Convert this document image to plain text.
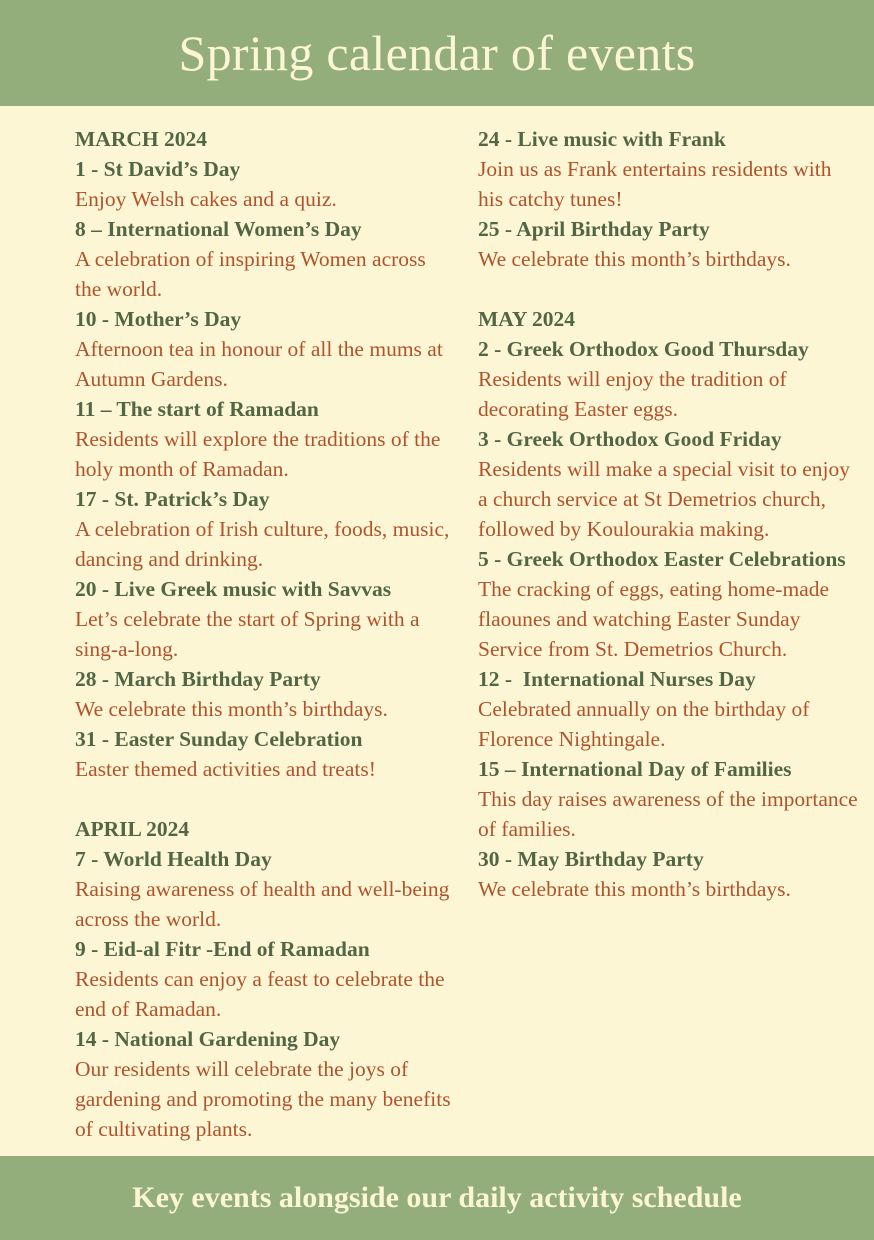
Spring calendar of events
MARCH 2024
1 - St David’s Day
Enjoy Welsh cakes and a quiz.
8 – International Women’s Day
A celebration of inspiring Women across the world.
10 - Mother’s Day
Afternoon tea in honour of all the mums at Autumn Gardens.
11 – The start of Ramadan
Residents will explore the traditions of the holy month of Ramadan.
17 - St. Patrick’s Day
A celebration of Irish culture, foods, music, dancing and drinking.
20 - Live Greek music with Savvas
Let’s celebrate the start of Spring with a sing-a-long.
28 - March Birthday Party
We celebrate this month’s birthdays.
31 - Easter Sunday Celebration
Easter themed activities and treats!
APRIL 2024
7 - World Health Day
Raising awareness of health and well-being across the world.
9 - Eid-al Fitr -End of Ramadan
Residents can enjoy a feast to celebrate the end of Ramadan.
14 - National Gardening Day
Our residents will celebrate the joys of gardening and promoting the many benefits of cultivating plants.
24 - Live music with Frank
Join us as Frank entertains residents with his catchy tunes!
25 - April Birthday Party
We celebrate this month’s birthdays.
MAY 2024
2 - Greek Orthodox Good Thursday
Residents will enjoy the tradition of decorating Easter eggs.
3 - Greek Orthodox Good Friday
Residents will make a special visit to enjoy a church service at St Demetrios church, followed by Koulourakia making.
5 - Greek Orthodox Easter Celebrations
The cracking of eggs, eating home-made flaounes and watching Easter Sunday Service from St. Demetrios Church.
12 -  International Nurses Day
Celebrated annually on the birthday of Florence Nightingale.
15 – International Day of Families
This day raises awareness of the importance of families.
30 - May Birthday Party
We celebrate this month’s birthdays.

Key events alongside our daily activity schedule
